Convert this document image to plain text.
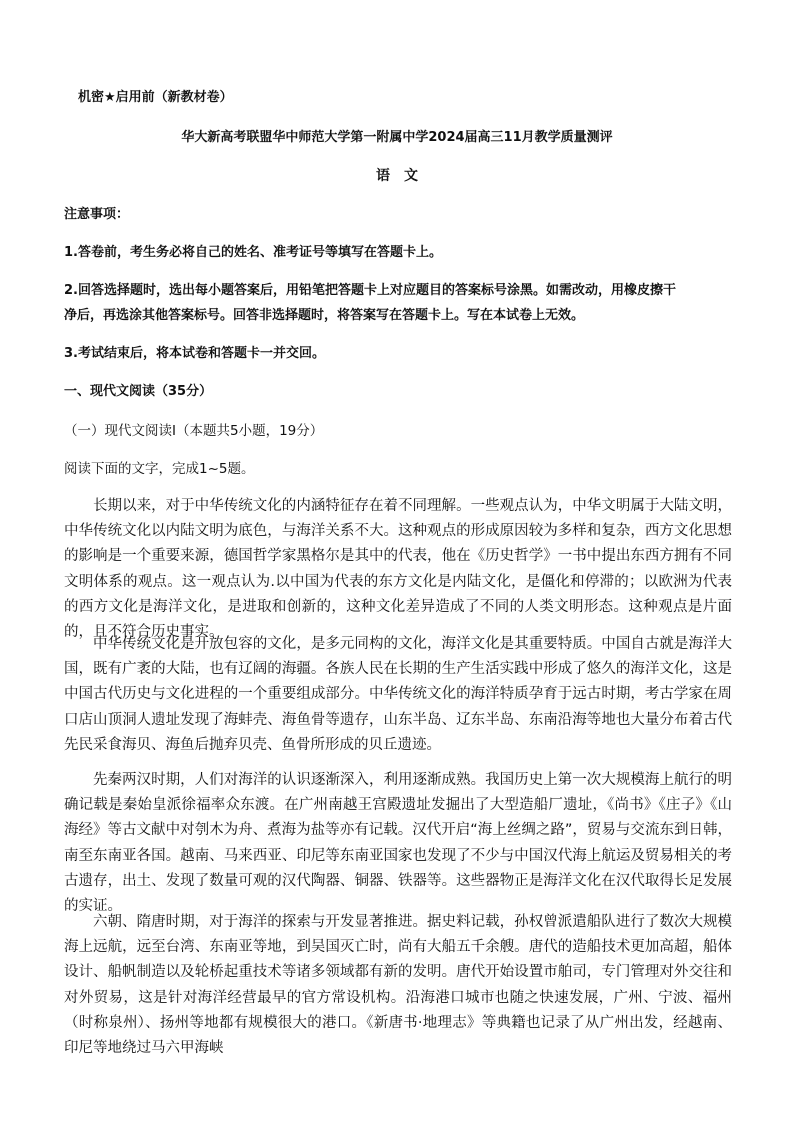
机密★启用前（新教材卷）
华大新高考联盟华中师范大学第一附属中学2024届高三11月教学质量测评
语　文
注意事项：
1.答卷前，考生务必将自己的姓名、准考证号等填写在答题卡上。
2.回答选择题时，选出每小题答案后，用铅笔把答题卡上对应题目的答案标号涂黑。如需改动，用橡皮擦干
净后，再选涂其他答案标号。回答非选择题时，将答案写在答题卡上。写在本试卷上无效。
3.考试结束后，将本试卷和答题卡一并交回。
一、现代文阅读（35分）
（一）现代文阅读Ⅰ（本题共5小题，19分）
阅读下面的文字，完成1~5题。

长期以来，对于中华传统文化的内涵特征存在着不同理解。一些观点认为，中华文明属于大陆文明，中华传统文化以内陆文明为底色，与海洋关系不大。这种观点的形成原因较为多样和复杂，西方文化思想的影响是一个重要来源，德国哲学家黑格尔是其中的代表，他在《历史哲学》一书中提出东西方拥有不同文明体系的观点。这一观点认为.以中国为代表的东方文化是内陆文化，是僵化和停滞的；以欧洲为代表的西方文化是海洋文化，是进取和创新的，这种文化差异造成了不同的人类文明形态。这种观点是片面的，且不符合历史事实。

中华传统文化是开放包容的文化，是多元同构的文化，海洋文化是其重要特质。中国自古就是海洋大国，既有广袤的大陆，也有辽阔的海疆。各族人民在长期的生产生活实践中形成了悠久的海洋文化，这是中国古代历史与文化进程的一个重要组成部分。中华传统文化的海洋特质孕育于远古时期，考古学家在周口店山顶洞人遗址发现了海蚌壳、海鱼骨等遗存，山东半岛、辽东半岛、东南沿海等地也大量分布着古代先民采食海贝、海鱼后抛弃贝壳、鱼骨所形成的贝丘遗迹。

先秦两汉时期，人们对海洋的认识逐渐深入，利用逐渐成熟。我国历史上第一次大规模海上航行的明确记载是秦始皇派徐福率众东渡。在广州南越王宫殿遗址发掘出了大型造船厂遗址，《尚书》《庄子》《山海经》等古文献中对刳木为舟、煮海为盐等亦有记载。汉代开启“海上丝绸之路”，贸易与交流东到日韩，南至东南亚各国。越南、马来西亚、印尼等东南亚国家也发现了不少与中国汉代海上航运及贸易相关的考古遗存，出土、发现了数量可观的汉代陶器、铜器、铁器等。这些器物正是海洋文化在汉代取得长足发展的实证。

六朝、隋唐时期，对于海洋的探索与开发显著推进。据史料记载，孙权曾派遣船队进行了数次大规模海上远航，远至台湾、东南亚等地，到吴国灭亡时，尚有大船五千余艘。唐代的造船技术更加高超，船体设计、船帆制造以及轮桥起重技术等诸多领域都有新的发明。唐代开始设置市舶司，专门管理对外交往和对外贸易，这是针对海洋经营最早的官方常设机构。沿海港口城市也随之快速发展，广州、宁波、福州（时称泉州）、扬州等地都有规模很大的港口。《新唐书·地理志》等典籍也记录了从广州出发，经越南、印尼等地绕过马六甲海峡
